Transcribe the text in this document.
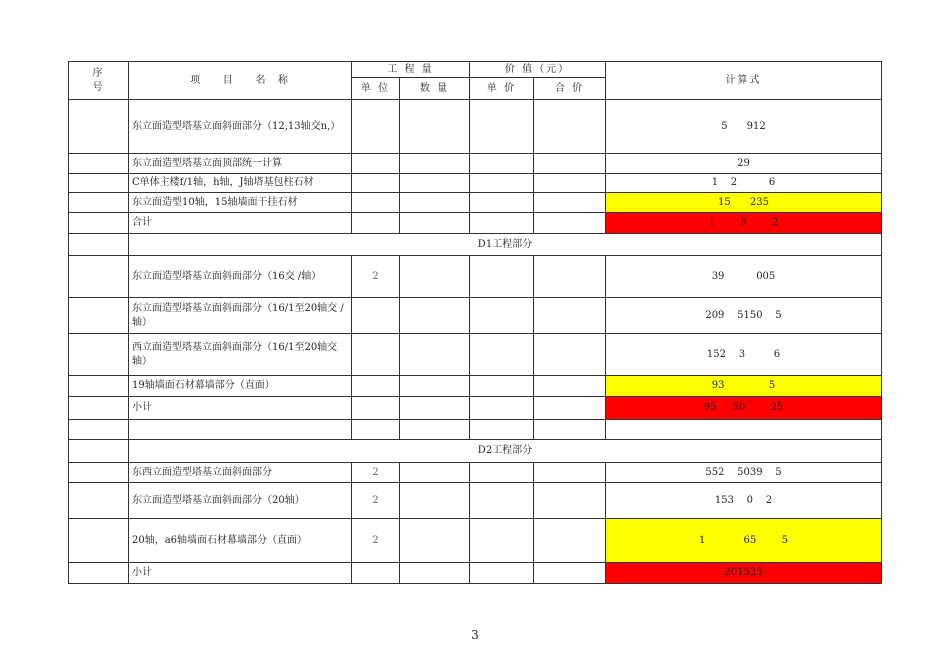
序
号	项    目    名  称	工 程 量		价 值（元）		计算式
		单 位	数 量	单 价	合 价	
	东立面造型塔基立面斜面部分（12,13轴交n,）					5      912
	东立面造型塔基立面顶部统一计算					29
	C单体主楼f/1轴，h轴，J轴塔基包柱石材					1    2          6
	东立面造型10轴，15轴墙面干挂石材					15      235
	合计					1        9        2
	D1工程部分					
	东立面造型塔基立面斜面部分（16交 /轴）	2				39          005
	东立面造型塔基立面斜面部分（16/1至20轴交 /轴）					209    5150    5
	西立面造型塔基立面斜面部分（16/1至20轴交 轴）					152    3         6
	19轴墙面石材幕墙部分（直面）					93              5
	小计					95     50        25

	D2工程部分					
	东西立面造型塔基立面斜面部分	2				552    5039    5
	东立面造型塔基立面斜面部分（20轴）	2				153    0    2
	20轴，a6轴墙面石材幕墙部分（直面）	2				1            65        5
	小计					201525
3
